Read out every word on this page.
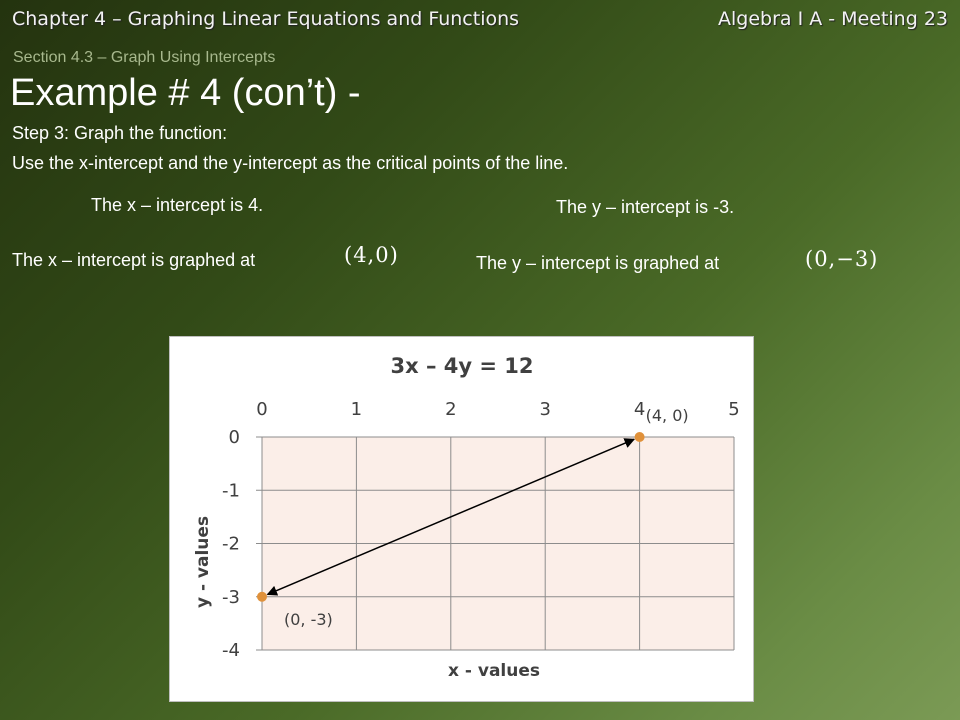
Chapter 4 – Graphing Linear Equations and Functions	Algebra I A - Meeting 23
Section 4.3 – Graph Using Intercepts
Example # 4 (con’t) -
Step 3: Graph the function:
Use the x-intercept and the y-intercept as the critical points of the line.
The x – intercept is 4.	The y – intercept is -3.
The x – intercept is graphed at	(4,0)	The y – intercept is graphed at	(0,−3)
3x – 4y = 12
0	1	2	3	4	5
0
-1
-2
-3
-4
(4, 0)
(0, -3)
x - values
y - values
